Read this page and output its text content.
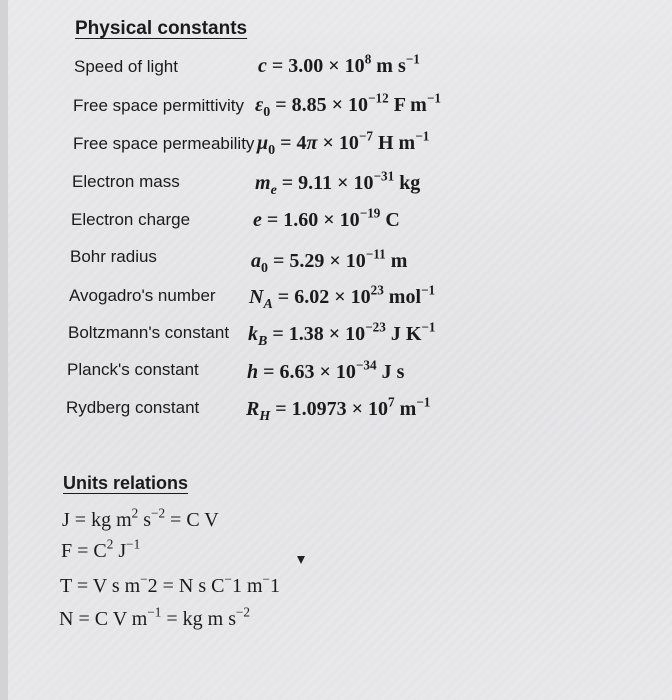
Physical constants
Speed of light	$c = 3.00 \times 10^8$ m $s^{-1}$
Free space permittivity $\varepsilon_0 = 8.85 \times 10^{-12}$ F $m^{-1}$
Free space permeability $\mu_0 = 4\pi \times 10^{-7}$ H $m^{-1}$
Electron mass	$m_e = 9.11 \times 10^{-31}$ kg
Electron charge	$e = 1.60 \times 10^{-19}$ C
Bohr radius	$a_0 = 5.29 \times 10^{-11}$ m
Avogadro's number $N_A = 6.02 \times 10^{23}$ mol$^{-1}$
Boltzmann's constant $k_B = 1.38 \times 10^{-23}$ J $K^{-1}$
Planck's constant $h = 6.63 \times 10^{-34}$ J s
Rydberg constant $R_H = 1.0973 \times 10^7$ $m^{-1}$
Units relations
J = kg $m^2$ $s^{-2} = C$ V
$F = C^2$ $J^{-1}$
T = V s m−2 = N s C−1 m−1
N = C V $m^{-1}$ = kg m $s^{-2}$
